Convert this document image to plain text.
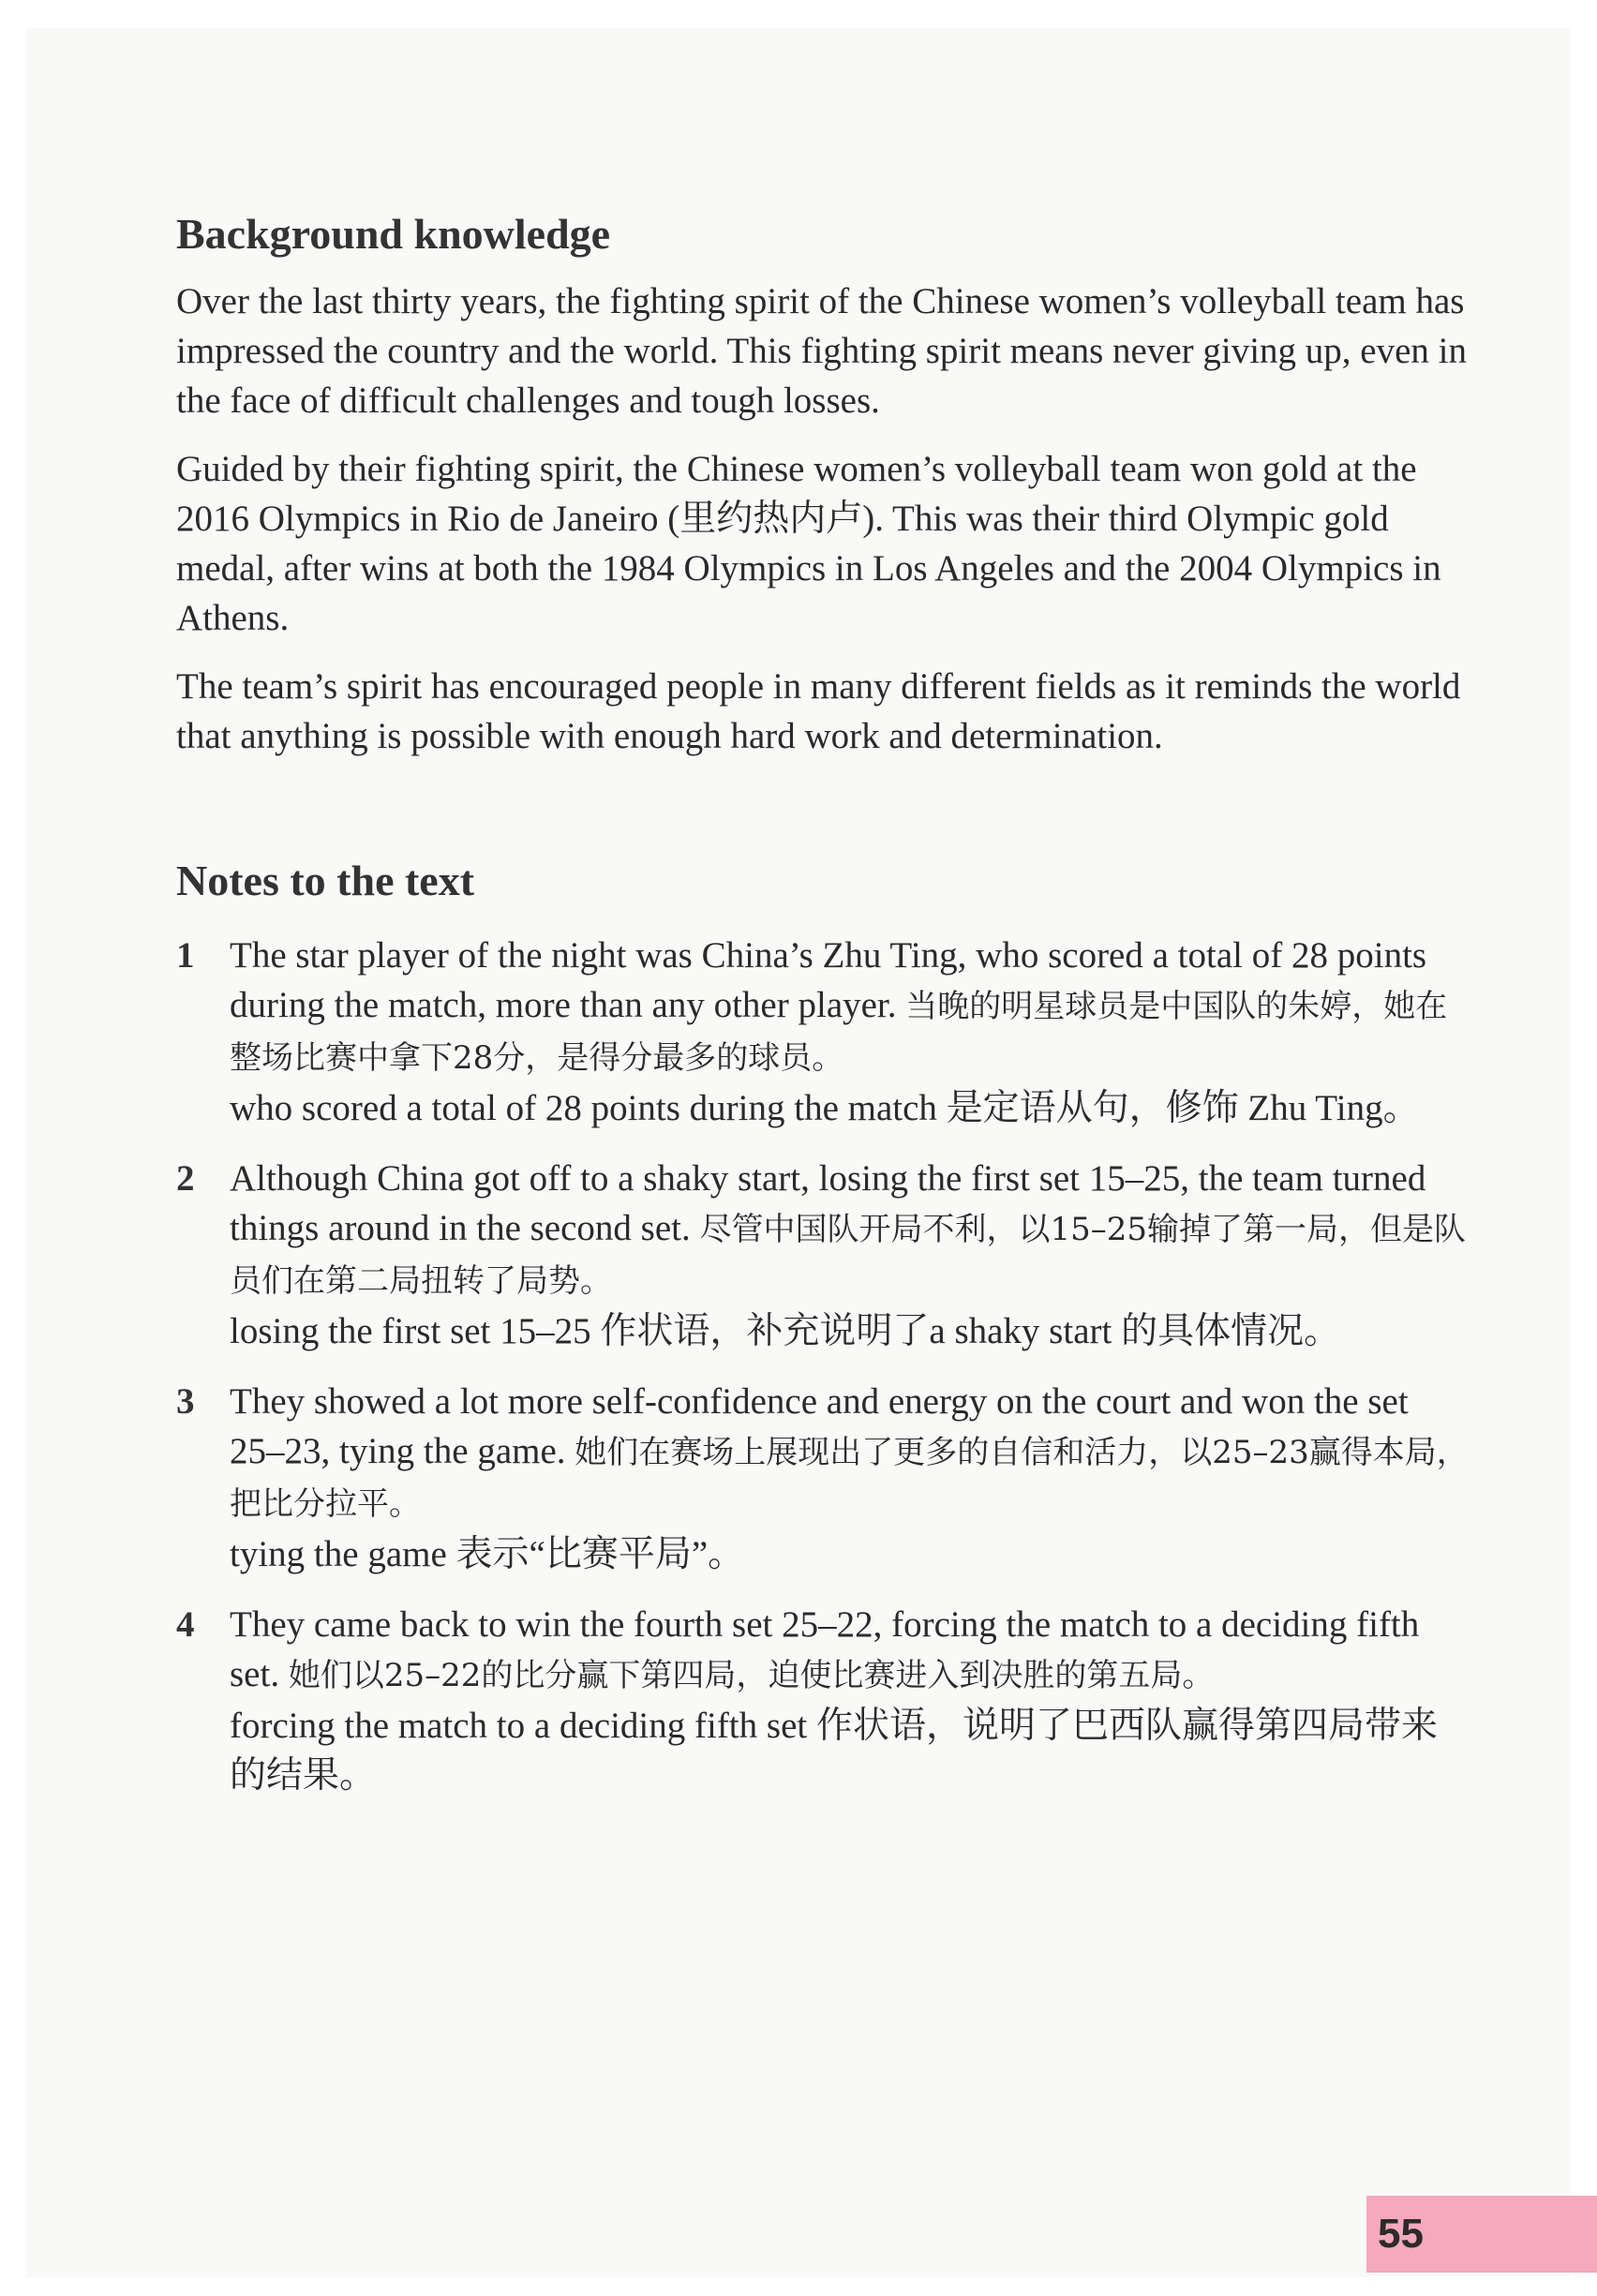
Background knowledge

Over the last thirty years, the fighting spirit of the Chinese women’s volleyball team has impressed the country and the world. This fighting spirit means never giving up, even in the face of difficult challenges and tough losses.

Guided by their fighting spirit, the Chinese women’s volleyball team won gold at the 2016 Olympics in Rio de Janeiro (里约热内卢). This was their third Olympic gold medal, after wins at both the 1984 Olympics in Los Angeles and the 2004 Olympics in Athens.

The team’s spirit has encouraged people in many different fields as it reminds the world that anything is possible with enough hard work and determination.

Notes to the text
1 The star player of the night was China’s Zhu Ting, who scored a total of 28 points during the match, more than any other player. 当晚的明星球员是中国队的朱婷，她在整场比赛中拿下28分，是得分最多的球员。
who scored a total of 28 points during the match 是定语从句，修饰 Zhu Ting。
2 Although China got off to a shaky start, losing the first set 15–25, the team turned things around in the second set. 尽管中国队开局不利，以15–25输掉了第一局，但是队员们在第二局扭转了局势。
losing the first set 15–25 作状语，补充说明了a shaky start 的具体情况。
3 They showed a lot more self-confidence and energy on the court and won the set 25–23, tying the game. 她们在赛场上展现出了更多的自信和活力，以25–23赢得本局，把比分拉平。
tying the game 表示“比赛平局”。
4 They came back to win the fourth set 25–22, forcing the match to a deciding fifth set. 她们以25–22的比分赢下第四局，迫使比赛进入到决胜的第五局。
forcing the match to a deciding fifth set 作状语，说明了巴西队赢得第四局带来的结果。
55
